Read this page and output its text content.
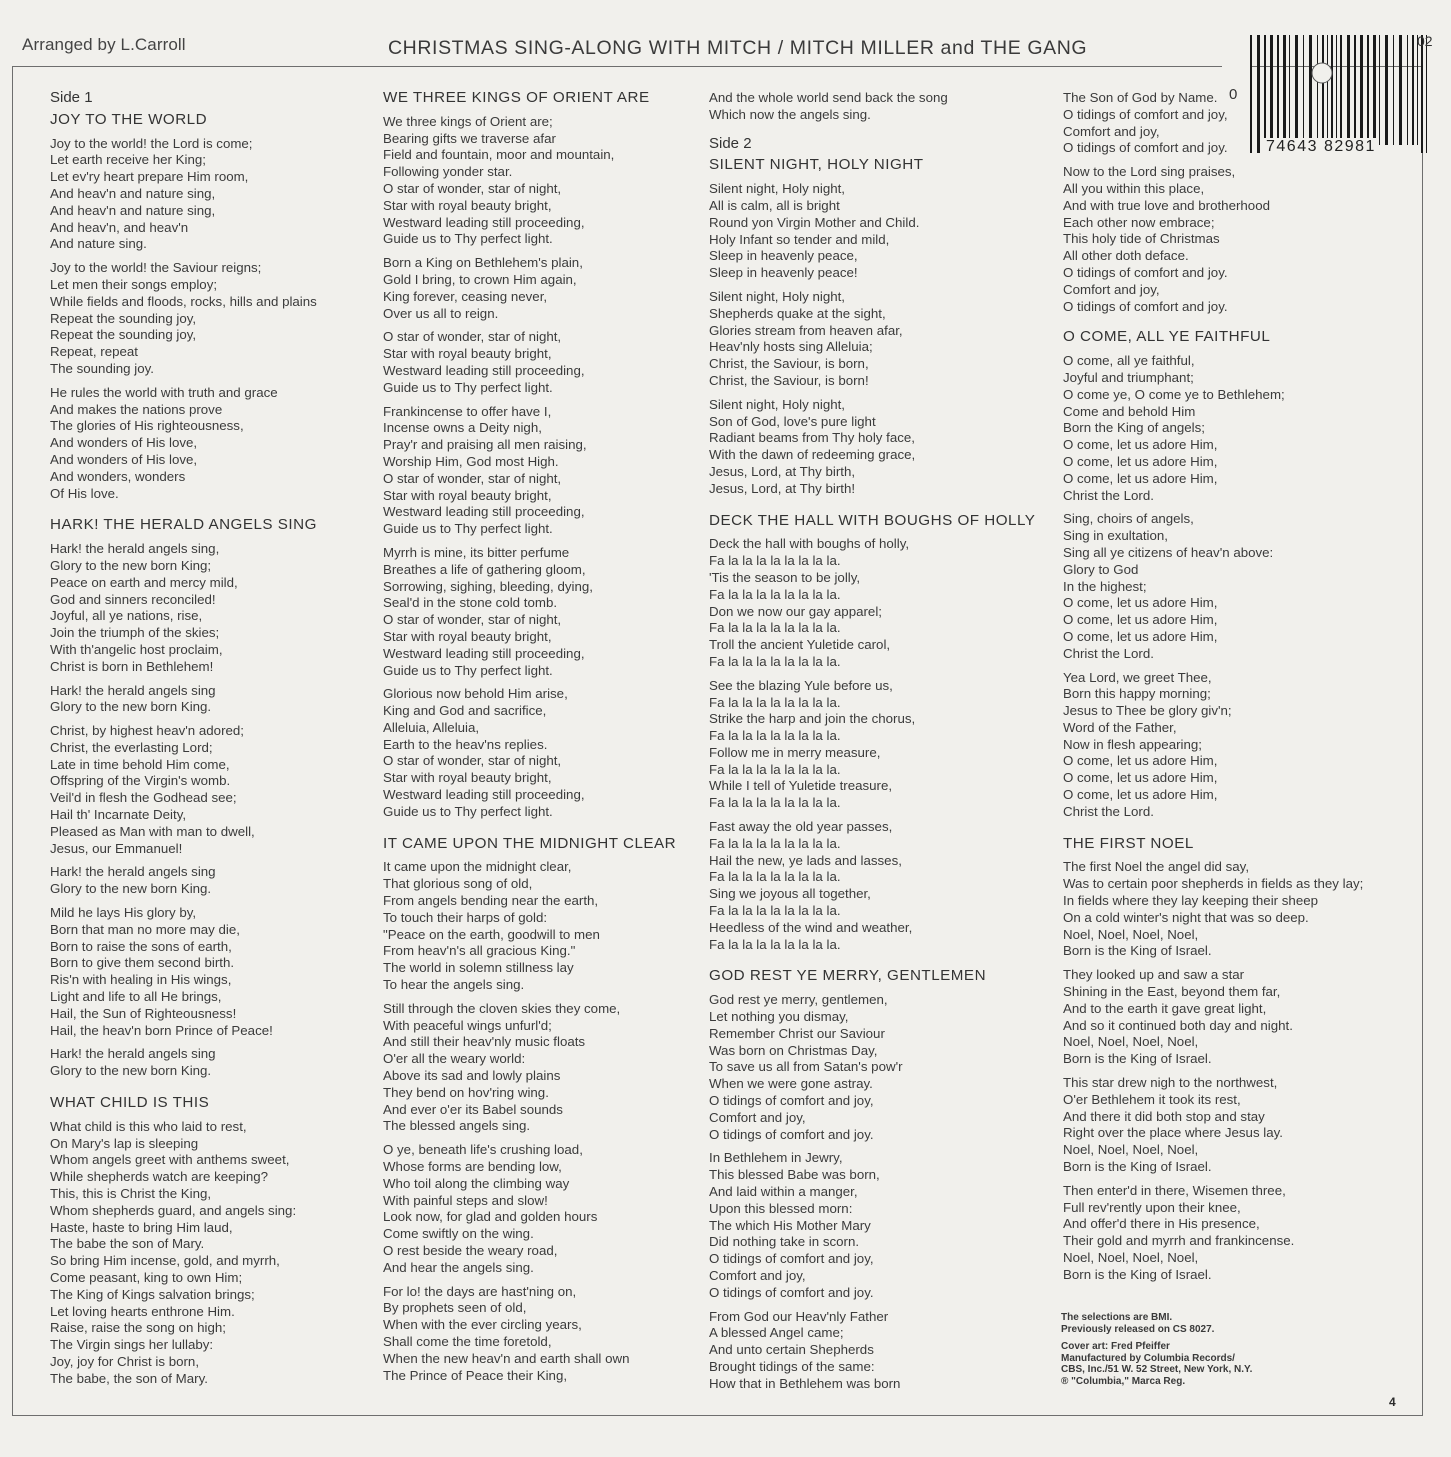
Arranged by L.Carroll	CHRISTMAS SING-ALONG WITH MITCH / MITCH MILLER and THE GANG	02
0
74643 82981
Side 1
JOY TO THE WORLD
Joy to the world! the Lord is come;
Let earth receive her King;
Let ev'ry heart prepare Him room,
And heav'n and nature sing,
And heav'n and nature sing,
And heav'n, and heav'n
And nature sing.
Joy to the world! the Saviour reigns;
Let men their songs employ;
While fields and floods, rocks, hills and plains
Repeat the sounding joy,
Repeat the sounding joy,
Repeat, repeat
The sounding joy.
He rules the world with truth and grace
And makes the nations prove
The glories of His righteousness,
And wonders of His love,
And wonders of His love,
And wonders, wonders
Of His love.
HARK! THE HERALD ANGELS SING
Hark! the herald angels sing,
Glory to the new born King;
Peace on earth and mercy mild,
God and sinners reconciled!
Joyful, all ye nations, rise,
Join the triumph of the skies;
With th'angelic host proclaim,
Christ is born in Bethlehem!
Hark! the herald angels sing
Glory to the new born King.
Christ, by highest heav'n adored;
Christ, the everlasting Lord;
Late in time behold Him come,
Offspring of the Virgin's womb.
Veil'd in flesh the Godhead see;
Hail th' Incarnate Deity,
Pleased as Man with man to dwell,
Jesus, our Emmanuel!
Hark! the herald angels sing
Glory to the new born King.
Mild he lays His glory by,
Born that man no more may die,
Born to raise the sons of earth,
Born to give them second birth.
Ris'n with healing in His wings,
Light and life to all He brings,
Hail, the Sun of Righteousness!
Hail, the heav'n born Prince of Peace!
Hark! the herald angels sing
Glory to the new born King.
WHAT CHILD IS THIS
What child is this who laid to rest,
On Mary's lap is sleeping
Whom angels greet with anthems sweet,
While shepherds watch are keeping?
This, this is Christ the King,
Whom shepherds guard, and angels sing:
Haste, haste to bring Him laud,
The babe the son of Mary.
So bring Him incense, gold, and myrrh,
Come peasant, king to own Him;
The King of Kings salvation brings;
Let loving hearts enthrone Him.
Raise, raise the song on high;
The Virgin sings her lullaby:
Joy, joy for Christ is born,
The babe, the son of Mary.
WE THREE KINGS OF ORIENT ARE
We three kings of Orient are;
Bearing gifts we traverse afar
Field and fountain, moor and mountain,
Following yonder star.
O star of wonder, star of night,
Star with royal beauty bright,
Westward leading still proceeding,
Guide us to Thy perfect light.
Born a King on Bethlehem's plain,
Gold I bring, to crown Him again,
King forever, ceasing never,
Over us all to reign.
O star of wonder, star of night,
Star with royal beauty bright,
Westward leading still proceeding,
Guide us to Thy perfect light.
Frankincense to offer have I,
Incense owns a Deity nigh,
Pray'r and praising all men raising,
Worship Him, God most High.
O star of wonder, star of night,
Star with royal beauty bright,
Westward leading still proceeding,
Guide us to Thy perfect light.
Myrrh is mine, its bitter perfume
Breathes a life of gathering gloom,
Sorrowing, sighing, bleeding, dying,
Seal'd in the stone cold tomb.
O star of wonder, star of night,
Star with royal beauty bright,
Westward leading still proceeding,
Guide us to Thy perfect light.
Glorious now behold Him arise,
King and God and sacrifice,
Alleluia, Alleluia,
Earth to the heav'ns replies.
O star of wonder, star of night,
Star with royal beauty bright,
Westward leading still proceeding,
Guide us to Thy perfect light.
IT CAME UPON THE MIDNIGHT CLEAR
It came upon the midnight clear,
That glorious song of old,
From angels bending near the earth,
To touch their harps of gold:
"Peace on the earth, goodwill to men
From heav'n's all gracious King."
The world in solemn stillness lay
To hear the angels sing.
Still through the cloven skies they come,
With peaceful wings unfurl'd;
And still their heav'nly music floats
O'er all the weary world:
Above its sad and lowly plains
They bend on hov'ring wing.
And ever o'er its Babel sounds
The blessed angels sing.
O ye, beneath life's crushing load,
Whose forms are bending low,
Who toil along the climbing way
With painful steps and slow!
Look now, for glad and golden hours
Come swiftly on the wing.
O rest beside the weary road,
And hear the angels sing.
For lo! the days are hast'ning on,
By prophets seen of old,
When with the ever circling years,
Shall come the time foretold,
When the new heav'n and earth shall own
The Prince of Peace their King,
And the whole world send back the song
Which now the angels sing.
Side 2
SILENT NIGHT, HOLY NIGHT
Silent night, Holy night,
All is calm, all is bright
Round yon Virgin Mother and Child.
Holy Infant so tender and mild,
Sleep in heavenly peace,
Sleep in heavenly peace!
Silent night, Holy night,
Shepherds quake at the sight,
Glories stream from heaven afar,
Heav'nly hosts sing Alleluia;
Christ, the Saviour, is born,
Christ, the Saviour, is born!
Silent night, Holy night,
Son of God, love's pure light
Radiant beams from Thy holy face,
With the dawn of redeeming grace,
Jesus, Lord, at Thy birth,
Jesus, Lord, at Thy birth!
DECK THE HALL WITH BOUGHS OF HOLLY
Deck the hall with boughs of holly,
Fa la la la la la la la la.
'Tis the season to be jolly,
Fa la la la la la la la la.
Don we now our gay apparel;
Fa la la la la la la la la.
Troll the ancient Yuletide carol,
Fa la la la la la la la la.
See the blazing Yule before us,
Fa la la la la la la la la.
Strike the harp and join the chorus,
Fa la la la la la la la la.
Follow me in merry measure,
Fa la la la la la la la la.
While I tell of Yuletide treasure,
Fa la la la la la la la la.
Fast away the old year passes,
Fa la la la la la la la la.
Hail the new, ye lads and lasses,
Fa la la la la la la la la.
Sing we joyous all together,
Fa la la la la la la la la.
Heedless of the wind and weather,
Fa la la la la la la la la.
GOD REST YE MERRY, GENTLEMEN
God rest ye merry, gentlemen,
Let nothing you dismay,
Remember Christ our Saviour
Was born on Christmas Day,
To save us all from Satan's pow'r
When we were gone astray.
O tidings of comfort and joy,
Comfort and joy,
O tidings of comfort and joy.
In Bethlehem in Jewry,
This blessed Babe was born,
And laid within a manger,
Upon this blessed morn:
The which His Mother Mary
Did nothing take in scorn.
O tidings of comfort and joy,
Comfort and joy,
O tidings of comfort and joy.
From God our Heav'nly Father
A blessed Angel came;
And unto certain Shepherds
Brought tidings of the same:
How that in Bethlehem was born
The Son of God by Name.
O tidings of comfort and joy,
Comfort and joy,
O tidings of comfort and joy.
Now to the Lord sing praises,
All you within this place,
And with true love and brotherhood
Each other now embrace;
This holy tide of Christmas
All other doth deface.
O tidings of comfort and joy.
Comfort and joy,
O tidings of comfort and joy.
O COME, ALL YE FAITHFUL
O come, all ye faithful,
Joyful and triumphant;
O come ye, O come ye to Bethlehem;
Come and behold Him
Born the King of angels;
O come, let us adore Him,
O come, let us adore Him,
O come, let us adore Him,
Christ the Lord.
Sing, choirs of angels,
Sing in exultation,
Sing all ye citizens of heav'n above:
Glory to God
In the highest;
O come, let us adore Him,
O come, let us adore Him,
O come, let us adore Him,
Christ the Lord.
Yea Lord, we greet Thee,
Born this happy morning;
Jesus to Thee be glory giv'n;
Word of the Father,
Now in flesh appearing;
O come, let us adore Him,
O come, let us adore Him,
O come, let us adore Him,
Christ the Lord.
THE FIRST NOEL
The first Noel the angel did say,
Was to certain poor shepherds in fields as they lay;
In fields where they lay keeping their sheep
On a cold winter's night that was so deep.
Noel, Noel, Noel, Noel,
Born is the King of Israel.
They looked up and saw a star
Shining in the East, beyond them far,
And to the earth it gave great light,
And so it continued both day and night.
Noel, Noel, Noel, Noel,
Born is the King of Israel.
This star drew nigh to the northwest,
O'er Bethlehem it took its rest,
And there it did both stop and stay
Right over the place where Jesus lay.
Noel, Noel, Noel, Noel,
Born is the King of Israel.
Then enter'd in there, Wisemen three,
Full rev'rently upon their knee,
And offer'd there in His presence,
Their gold and myrrh and frankincense.
Noel, Noel, Noel, Noel,
Born is the King of Israel.
The selections are BMI.
Previously released on CS 8027.
Cover art: Fred Pfeiffer
Manufactured by Columbia Records/
CBS, Inc./51 W. 52 Street, New York, N.Y.
® "Columbia," Marca Reg.
4
